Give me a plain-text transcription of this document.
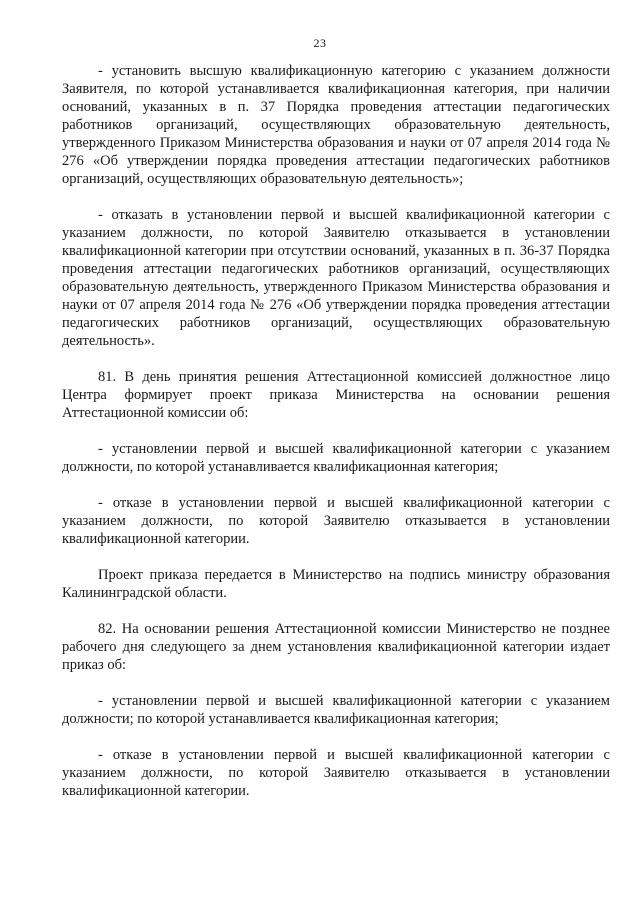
23

- установить высшую квалификационную категорию с указанием должности Заявителя, по которой устанавливается квалификационная категория, при наличии оснований, указанных в п. 37 Порядка проведения аттестации педагогических работников организаций, осуществляющих образовательную деятельность, утвержденного Приказом Министерства образования и науки от 07 апреля 2014 года № 276 «Об утверждении порядка проведения аттестации педагогических работников организаций, осуществляющих образовательную деятельность»;

- отказать в установлении первой и высшей квалификационной категории с указанием должности, по которой Заявителю отказывается в установлении квалификационной категории при отсутствии оснований, указанных в п. 36-37 Порядка проведения аттестации педагогических работников организаций, осуществляющих образовательную деятельность, утвержденного Приказом Министерства образования и науки от 07 апреля 2014 года № 276 «Об утверждении порядка проведения аттестации педагогических работников организаций, осуществляющих образовательную деятельность».

81. В день принятия решения Аттестационной комиссией должностное лицо Центра формирует проект приказа Министерства на основании решения Аттестационной комиссии об:

- установлении первой и высшей квалификационной категории с указанием должности, по которой устанавливается квалификационная категория;

- отказе в установлении первой и высшей квалификационной категории с указанием должности, по которой Заявителю отказывается в установлении квалификационной категории.

Проект приказа передается в Министерство на подпись министру образования Калининградской области.

82. На основании решения Аттестационной комиссии Министерство не позднее рабочего дня следующего за днем установления квалификационной категории издает приказ об:

- установлении первой и высшей квалификационной категории с указанием должности; по которой устанавливается квалификационная категория;

- отказе в установлении первой и высшей квалификационной категории с указанием должности, по которой Заявителю отказывается в установлении квалификационной категории.
